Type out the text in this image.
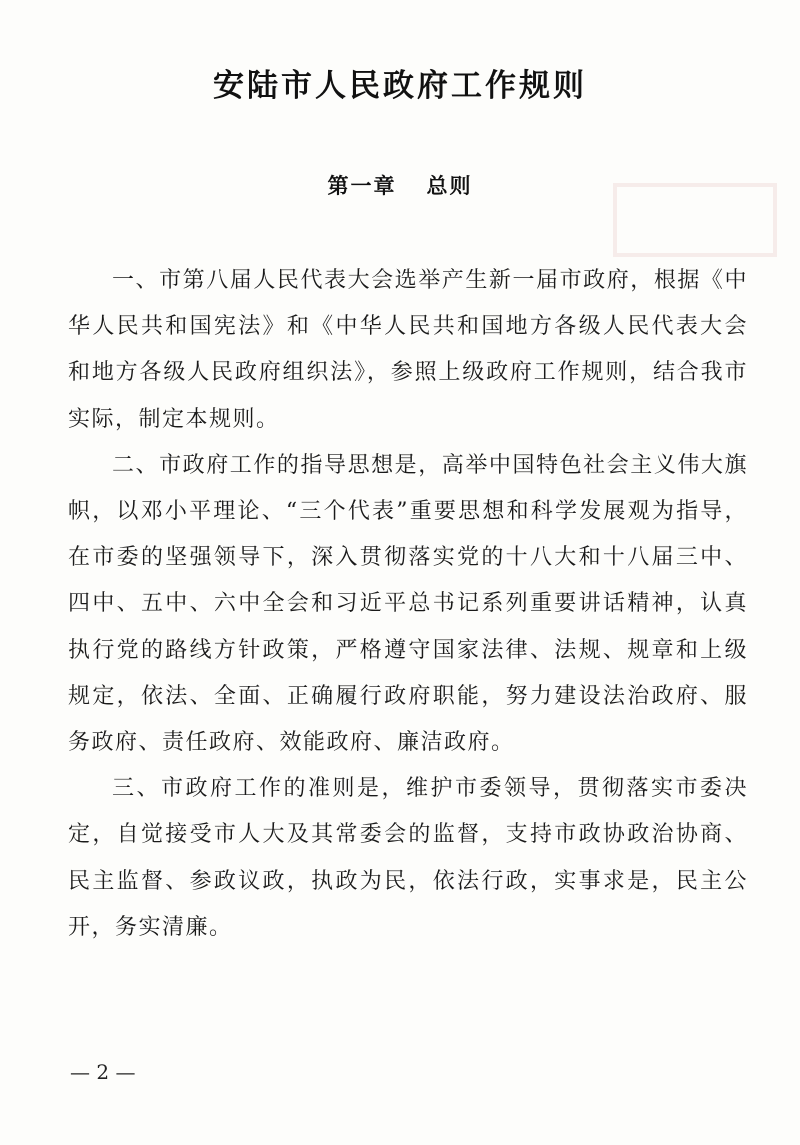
安陆市人民政府工作规则
第一章 总则

一、市第八届人民代表大会选举产生新一届市政府，根据《中华人民共和国宪法》和《中华人民共和国地方各级人民代表大会和地方各级人民政府组织法》，参照上级政府工作规则，结合我市实际，制定本规则。

二、市政府工作的指导思想是，高举中国特色社会主义伟大旗帜，以邓小平理论、“三个代表”重要思想和科学发展观为指导，在市委的坚强领导下，深入贯彻落实党的十八大和十八届三中、四中、五中、六中全会和习近平总书记系列重要讲话精神，认真执行党的路线方针政策，严格遵守国家法律、法规、规章和上级规定，依法、全面、正确履行政府职能，努力建设法治政府、服务政府、责任政府、效能政府、廉洁政府。

三、市政府工作的准则是，维护市委领导，贯彻落实市委决定，自觉接受市人大及其常委会的监督，支持市政协政治协商、民主监督、参政议政，执政为民，依法行政，实事求是，民主公开，务实清廉。

— 2 —
